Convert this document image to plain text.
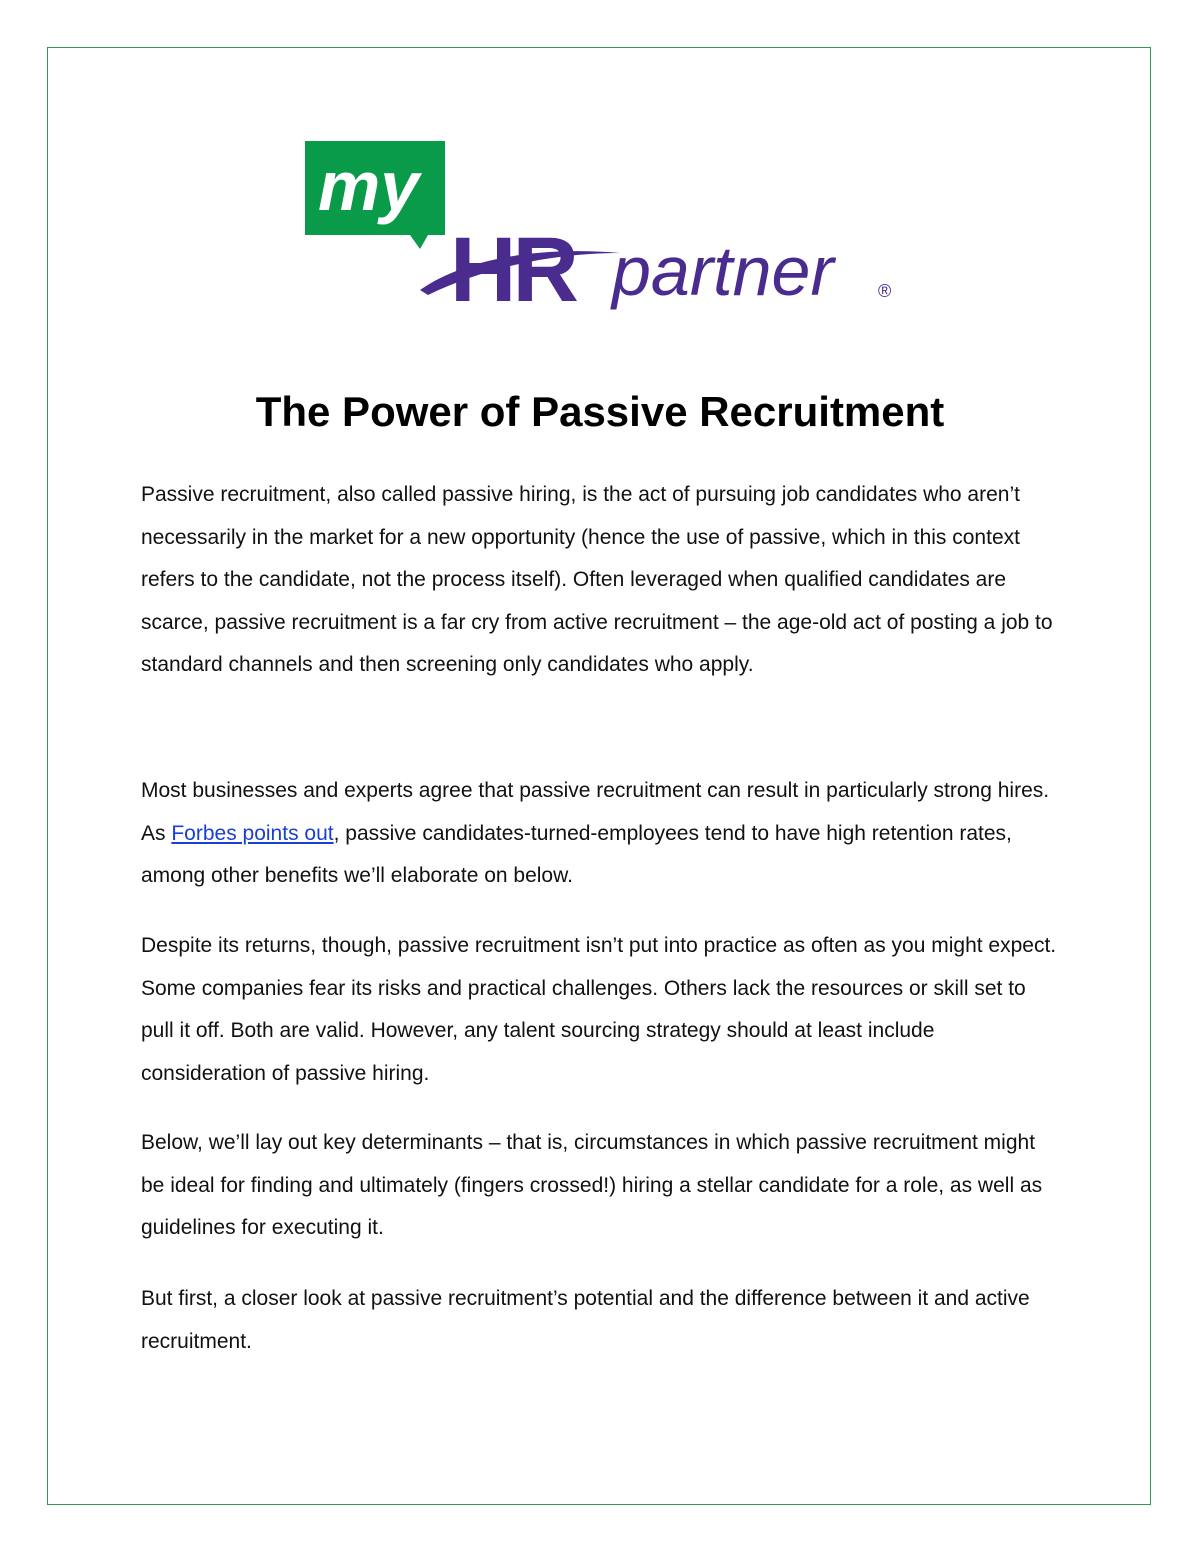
my
HR partner ®
The Power of Passive Recruitment

Passive recruitment, also called passive hiring, is the act of pursuing job candidates who aren’t necessarily in the market for a new opportunity (hence the use of passive, which in this context refers to the candidate, not the process itself). Often leveraged when qualified candidates are scarce, passive recruitment is a far cry from active recruitment – the age-old act of posting a job to standard channels and then screening only candidates who apply.

Most businesses and experts agree that passive recruitment can result in particularly strong hires. As Forbes points out, passive candidates-turned-employees tend to have high retention rates, among other benefits we’ll elaborate on below.

Despite its returns, though, passive recruitment isn’t put into practice as often as you might expect. Some companies fear its risks and practical challenges. Others lack the resources or skill set to pull it off. Both are valid. However, any talent sourcing strategy should at least include consideration of passive hiring.

Below, we’ll lay out key determinants – that is, circumstances in which passive recruitment might be ideal for finding and ultimately (fingers crossed!) hiring a stellar candidate for a role, as well as guidelines for executing it.

But first, a closer look at passive recruitment’s potential and the difference between it and active recruitment.
